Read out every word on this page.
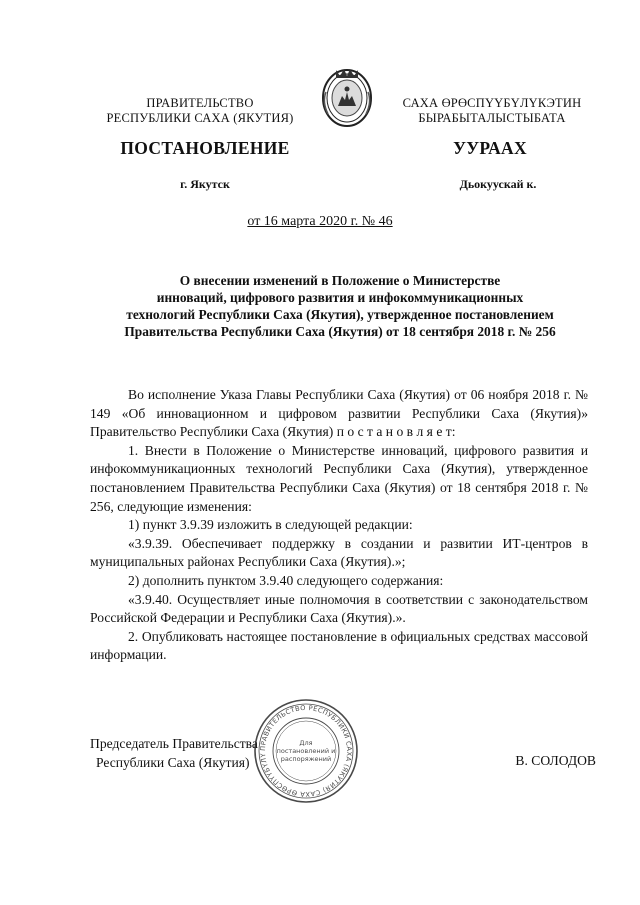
ПРАВИТЕЛЬСТВО
РЕСПУБЛИКИ САХА (ЯКУТИЯ)
САХА ӨРӨСПҮҮБҮЛҮКЭТИН
БЫРАБЫТАЛЫСТЫБАТА
ПОСТАНОВЛЕНИЕ	УУРААХ
г. Якутск	Дьокуускай к.
от 16 марта 2020 г. № 46
О внесении изменений в Положение о Министерстве
инноваций, цифрового развития и инфокоммуникационных
технологий Республики Саха (Якутия), утвержденное постановлением
Правительства Республики Саха (Якутия) от 18 сентября 2018 г. № 256

Во исполнение Указа Главы Республики Саха (Якутия) от 06 ноября 2018 г. № 149 «Об инновационном и цифровом развитии Республики Саха (Якутия)» Правительство Республики Саха (Якутия) п о с т а н о в л я е т:

1. Внести в Положение о Министерстве инноваций, цифрового развития и инфокоммуникационных технологий Республики Саха (Якутия), утвержденное постановлением Правительства Республики Саха (Якутия) от 18 сентября 2018 г. № 256, следующие изменения:

1) пункт 3.9.39 изложить в следующей редакции:

«3.9.39. Обеспечивает поддержку в создании и развитии ИТ-центров в муниципальных районах Республики Саха (Якутия).»;

2) дополнить пунктом 3.9.40 следующего содержания:

«3.9.40. Осуществляет иные полномочия в соответствии с законодательством Российской Федерации и Республики Саха (Якутия).».

2. Опубликовать настоящее постановление в официальных средствах массовой информации.

Председатель Правительства
Республики Саха (Якутия)	В. СОЛОДОВ
ПРАВИТЕЛЬСТВО РЕСПУБЛИКИ САХА (ЯКУТИЯ) САХА ӨРӨСПҮҮБҮЛҮ
Для
постановлений и
распоряжений
